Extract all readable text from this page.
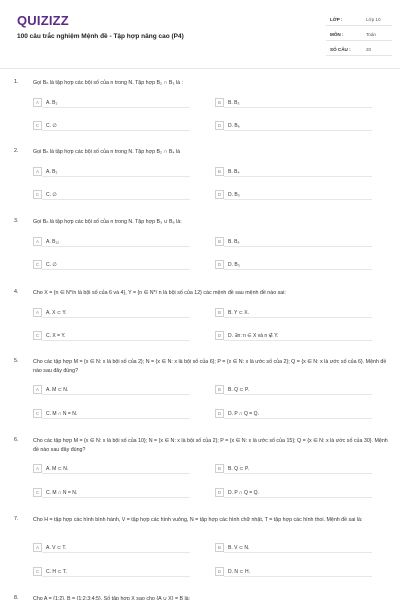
QUIZIZZ
100 câu trắc nghiệm Mệnh đề - Tập hợp nâng cao (P4)
LỚP :	Lớp 10
MÔN :	Toán
SỐ CÂU :	20
1.	Gọi Bₙ là tập hợp các bội số của n trong N. Tập hợp B₂ ∩ B₃ là :
A	A. B₂	B	B. B₃
C	C. ∅	D	D. B₆
2.	Gọi Bₙ là tập hợp các bội số của n trong N. Tập hợp B₂ ∩ B₄ là
A	A. B₂	B	B. B₄
C	C. ∅	D	D. B₃
3.	Gọi Bₙ là tập hợp các bội số của n trong N. Tập hợp B₃ ∪ B₆ là:
A	A. B₁₂	B	B. B₆
C	C. ∅	D	D. B₃
4.	Cho X = {n ∈ N*/n là bội số của 6 và 4}, Y = {n ∈ N*/ n là bội số của 12} các mệnh đề sau mệnh đề nào sai:
A	A. X ⊂ Y.	B	B. Y ⊂ X.
C	C. X = Y.	D	D. ∃n: n ∈ X và n ∉ Y.
5.	Cho các tập hợp M = {x ∈ N: x là bội số của 2}; N = {x ∈ N: x là bội số của 6}; P = {x ∈ N: x là ước số của 2}; Q = {x ∈ N: x là ước số của 6}. Mệnh đề nào sau đây đúng?
A	A. M ⊂ N.	B	B. Q ⊂ P.
C	C. M ∩ N = N.	D	D. P ∩ Q = Q.
6.	Cho các tập hợp M = {x ∈ N: x là bội số của 10}; N = {x ∈ N: x là bội số của 2}; P = {x ∈ N: x là ước số của 15}; Q = {x ∈ N: x là ước số của 30}. Mệnh đề nào sau đây đúng?
A	A. M ⊂ N.	B	B. Q ⊂ P.
C	C. M ∩ N = N.	D	D. P ∩ Q = Q.
7.	Cho H = tập hợp các hình bình hành, V = tập hợp các hình vuông, N = tập hợp các hình chữ nhật, T = tập hợp các hình thoi. Mệnh đề sai là:
A	A. V ⊂ T.	B	B. V ⊂ N.
C	C. H ⊂ T.	D	D. N ⊂ H.
8.	Cho A = {1;2}, B = {1;2;3;4;5}. Số tập hợp X sao cho {A ∪ X} = B là:
